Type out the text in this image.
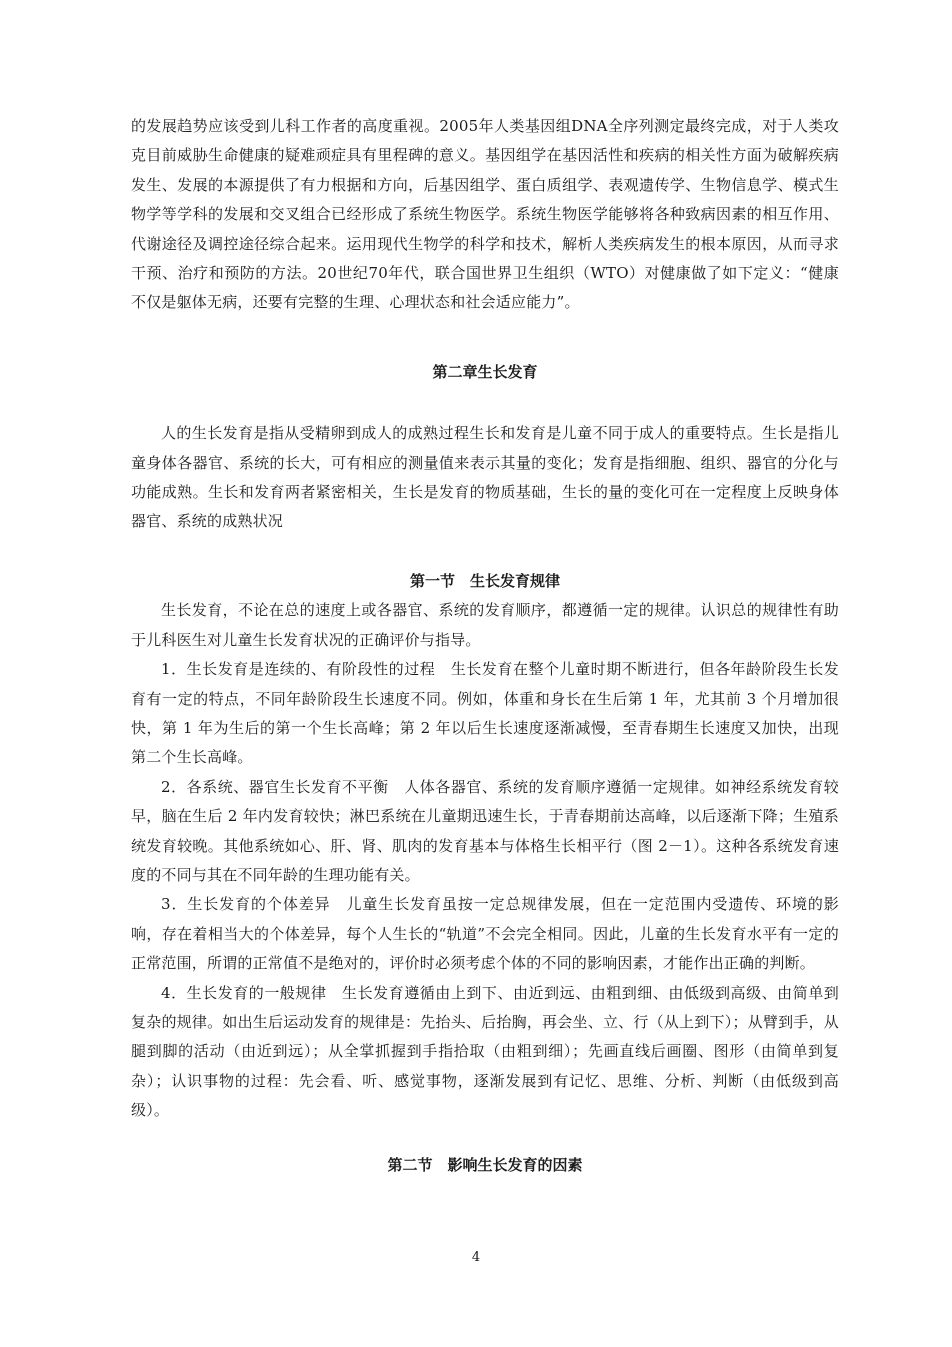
的发展趋势应该受到儿科工作者的高度重视。2005年人类基因组DNA全序列测定最终完成，对于人类攻克目前威胁生命健康的疑难顽症具有里程碑的意义。基因组学在基因活性和疾病的相关性方面为破解疾病发生、发展的本源提供了有力根据和方向，后基因组学、蛋白质组学、表观遗传学、生物信息学、模式生物学等学科的发展和交叉组合已经形成了系统生物医学。系统生物医学能够将各种致病因素的相互作用、代谢途径及调控途径综合起来。运用现代生物学的科学和技术，解析人类疾病发生的根本原因，从而寻求干预、治疗和预防的方法。20世纪70年代，联合国世界卫生组织（WTO）对健康做了如下定义：“健康不仅是躯体无病，还要有完整的生理、心理状态和社会适应能力”。

第二章生长发育

人的生长发育是指从受精卵到成人的成熟过程生长和发育是儿童不同于成人的重要特点。生长是指儿童身体各器官、系统的长大，可有相应的测量值来表示其量的变化；发育是指细胞、组织、器官的分化与功能成熟。生长和发育两者紧密相关，生长是发育的物质基础，生长的量的变化可在一定程度上反映身体器官、系统的成熟状况

第一节　生长发育规律

生长发育，不论在总的速度上或各器官、系统的发育顺序，都遵循一定的规律。认识总的规律性有助于儿科医生对儿童生长发育状况的正确评价与指导。

1．生长发育是连续的、有阶段性的过程　生长发育在整个儿童时期不断进行，但各年龄阶段生长发育有一定的特点，不同年龄阶段生长速度不同。例如，体重和身长在生后第 1 年，尤其前 3 个月增加很快，第 1 年为生后的第一个生长高峰；第 2 年以后生长速度逐渐减慢，至青春期生长速度又加快，出现第二个生长高峰。

2．各系统、器官生长发育不平衡　人体各器官、系统的发育顺序遵循一定规律。如神经系统发育较早，脑在生后 2 年内发育较快；淋巴系统在儿童期迅速生长，于青春期前达高峰，以后逐渐下降；生殖系统发育较晚。其他系统如心、肝、肾、肌肉的发育基本与体格生长相平行（图 2－1）。这种各系统发育速度的不同与其在不同年龄的生理功能有关。

3．生长发育的个体差异　儿童生长发育虽按一定总规律发展，但在一定范围内受遗传、环境的影响，存在着相当大的个体差异，每个人生长的“轨道”不会完全相同。因此，儿童的生长发育水平有一定的正常范围，所谓的正常值不是绝对的，评价时必须考虑个体的不同的影响因素，才能作出正确的判断。

4．生长发育的一般规律　生长发育遵循由上到下、由近到远、由粗到细、由低级到高级、由简单到复杂的规律。如出生后运动发育的规律是：先抬头、后抬胸，再会坐、立、行（从上到下）；从臂到手，从腿到脚的活动（由近到远）；从全掌抓握到手指拾取（由粗到细）；先画直线后画圈、图形（由简单到复杂）；认识事物的过程：先会看、听、感觉事物，逐渐发展到有记忆、思维、分析、判断（由低级到高级）。

第二节　影响生长发育的因素
4
